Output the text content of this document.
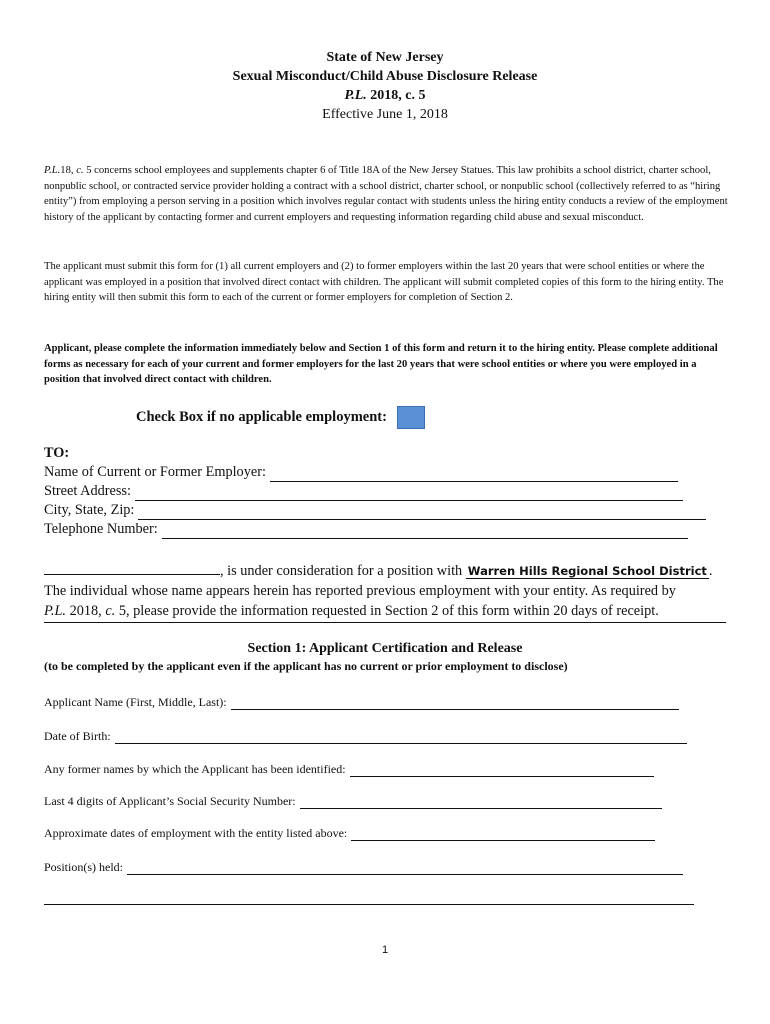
State of New Jersey
Sexual Misconduct/Child Abuse Disclosure Release
P.L. 2018, c. 5
Effective June 1, 2018
P.L.18, c. 5 concerns school employees and supplements chapter 6 of Title 18A of the New Jersey Statues. This law prohibits a school district, charter school, nonpublic school, or contracted service provider holding a contract with a school district, charter school, or nonpublic school (collectively referred to as “hiring entity”) from employing a person serving in a position which involves regular contact with students unless the hiring entity conducts a review of the employment history of the applicant by contacting former and current employers and requesting information regarding child abuse and sexual misconduct.
The applicant must submit this form for (1) all current employers and (2) to former employers within the last 20 years that were school entities or where the applicant was employed in a position that involved direct contact with children. The applicant will submit completed copies of this form to the hiring entity. The hiring entity will then submit this form to each of the current or former employers for completion of Section 2.
Applicant, please complete the information immediately below and Section 1 of this form and return it to the hiring entity. Please complete additional forms as necessary for each of your current and former employers for the last 20 years that were school entities or where you were employed in a position that involved direct contact with children.
Check Box if no applicable employment:
TO:
Name of Current or Former Employer:
Street Address:
City, State, Zip:
Telephone Number:
, is under consideration for a position with Warren Hills Regional School District .
The individual whose name appears herein has reported previous employment with your entity. As required by
P.L. 2018, c. 5, please provide the information requested in Section 2 of this form within 20 days of receipt.
Section 1: Applicant Certification and Release
(to be completed by the applicant even if the applicant has no current or prior employment to disclose)
Applicant Name (First, Middle, Last):
Date of Birth:
Any former names by which the Applicant has been identified:
Last 4 digits of Applicant’s Social Security Number:
Approximate dates of employment with the entity listed above:
Position(s) held:
1
